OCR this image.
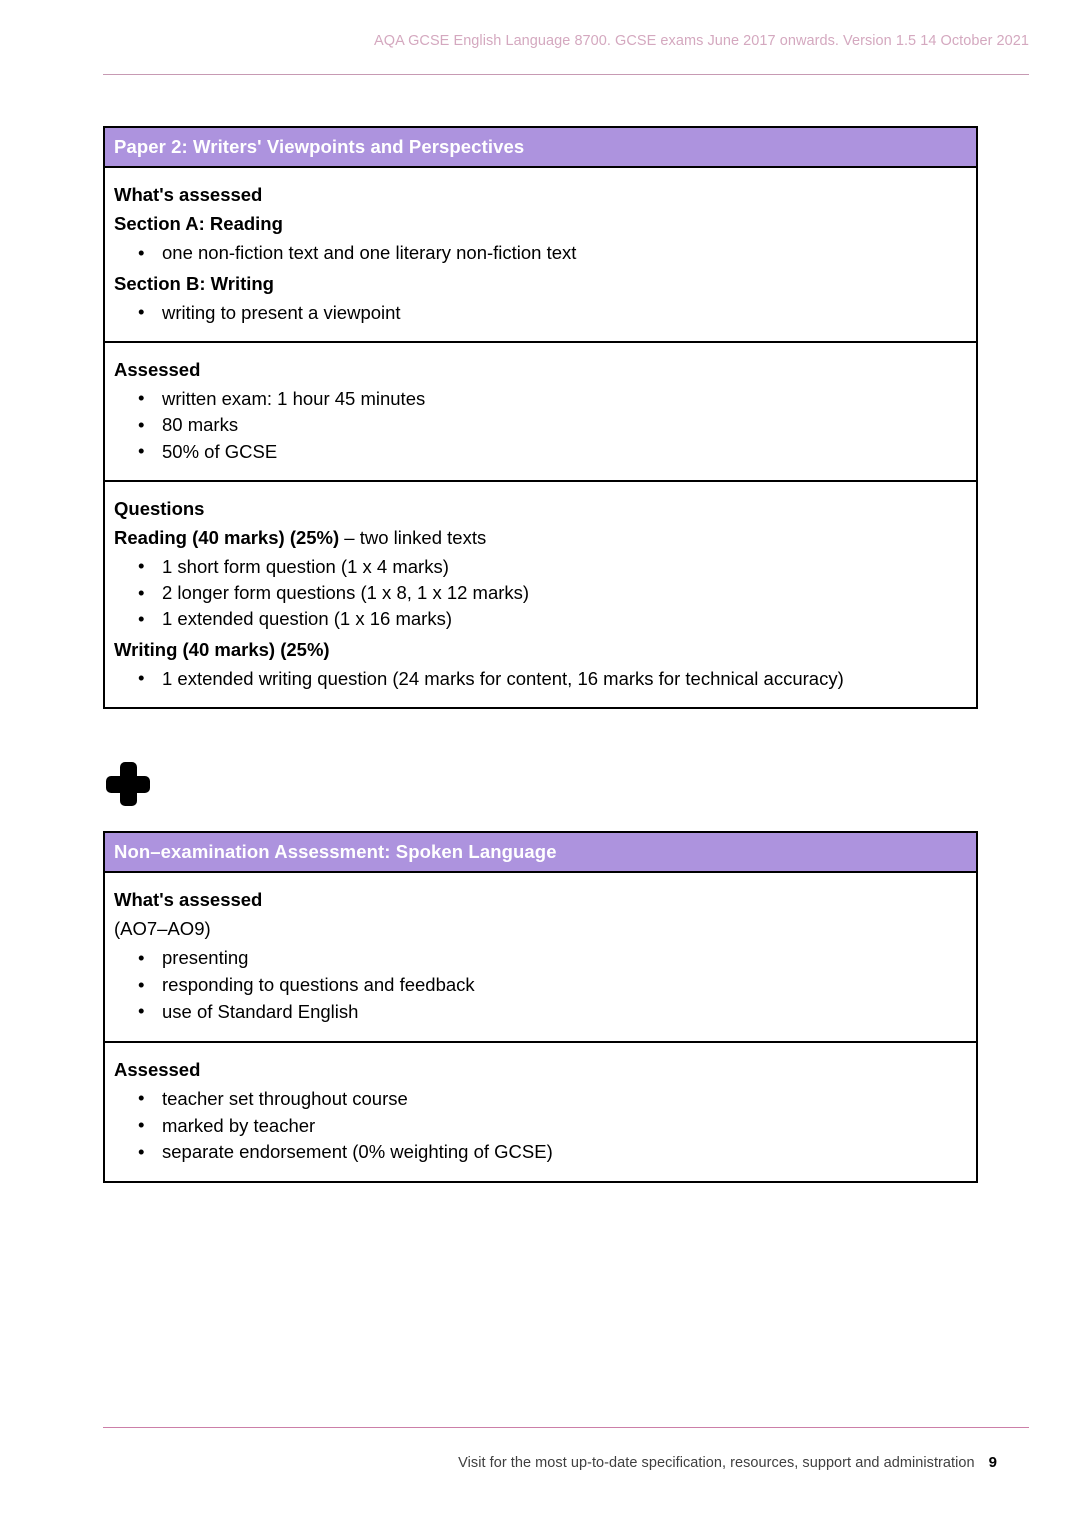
AQA GCSE English Language 8700. GCSE exams June 2017 onwards. Version 1.5 14 October 2021
Paper 2: Writers' Viewpoints and Perspectives
What's assessed
Section A: Reading
• one non-fiction text and one literary non-fiction text
Section B: Writing
• writing to present a viewpoint
Assessed
• written exam: 1 hour 45 minutes
• 80 marks
• 50% of GCSE
Questions
Reading (40 marks) (25%) – two linked texts
• 1 short form question (1 x 4 marks)
• 2 longer form questions (1 x 8, 1 x 12 marks)
• 1 extended question (1 x 16 marks)
Writing (40 marks) (25%)
• 1 extended writing question (24 marks for content, 16 marks for technical accuracy)
Non–examination Assessment: Spoken Language
What's assessed
(AO7–AO9)
• presenting
• responding to questions and feedback
• use of Standard English
Assessed
• teacher set throughout course
• marked by teacher
• separate endorsement (0% weighting of GCSE)
Visit for the most up-to-date specification, resources, support and administration 9
